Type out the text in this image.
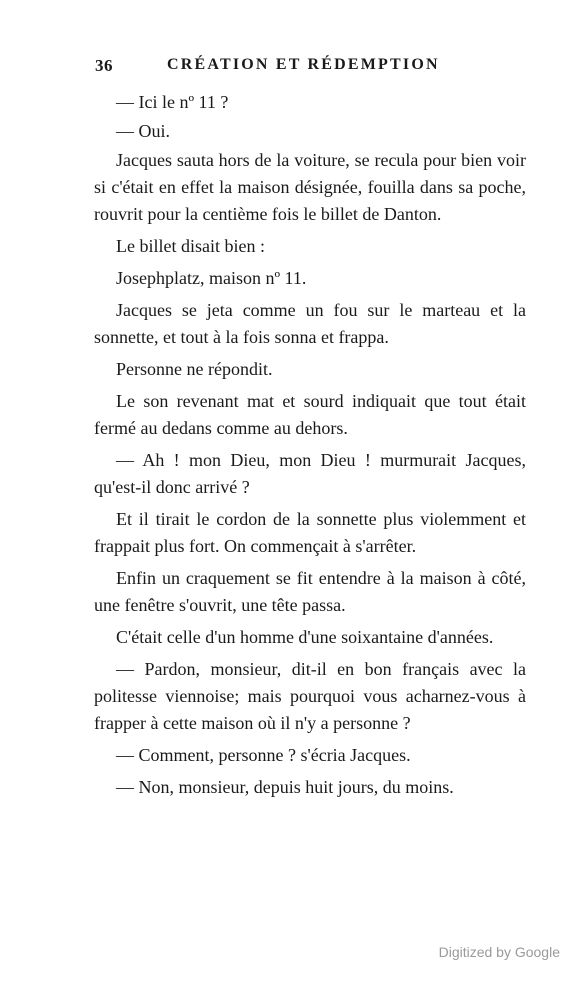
36	CRÉATION ET RÉDEMPTION

— Ici le nº 11 ?

— Oui.

Jacques sauta hors de la voiture, se recula pour bien voir si c'était en effet la maison désignée, fouilla dans sa poche, rouvrit pour la centième fois le billet de Danton.

Le billet disait bien :

Josephplatz, maison nº 11.

Jacques se jeta comme un fou sur le marteau et la sonnette, et tout à la fois sonna et frappa.

Personne ne répondit.

Le son revenant mat et sourd indiquait que tout était fermé au dedans comme au dehors.

— Ah ! mon Dieu, mon Dieu ! murmurait Jacques, qu'est-il donc arrivé ?

Et il tirait le cordon de la sonnette plus violemment et frappait plus fort. On commençait à s'arrêter.

Enfin un craquement se fit entendre à la maison à côté, une fenêtre s'ouvrit, une tête passa.

C'était celle d'un homme d'une soixantaine d'années.

— Pardon, monsieur, dit-il en bon français avec la politesse viennoise; mais pourquoi vous acharnez-vous à frapper à cette maison où il n'y a personne ?

— Comment, personne ? s'écria Jacques.

— Non, monsieur, depuis huit jours, du moins.

Digitized by Google
